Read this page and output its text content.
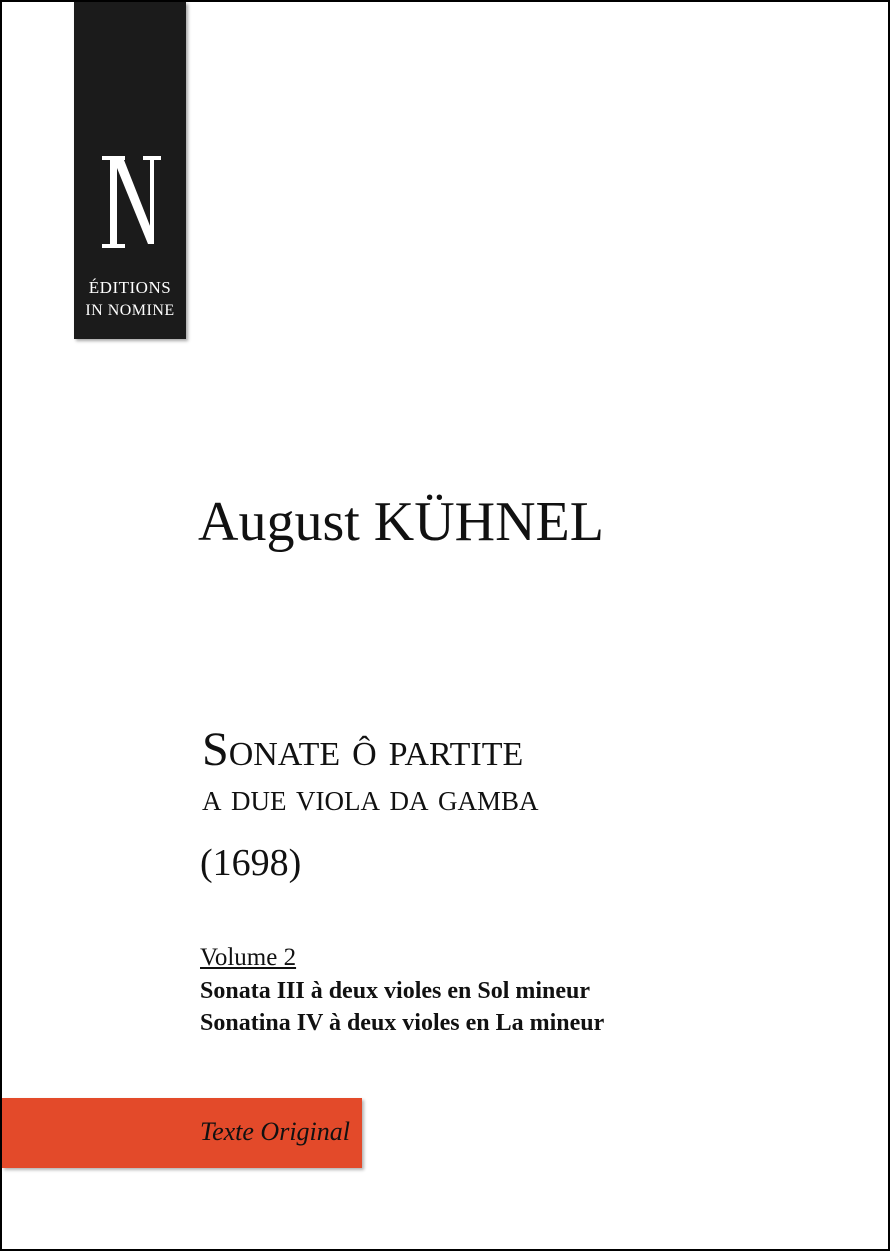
ÉDITIONS
IN NOMINE
August KÜHNEL
Sonate ô partite
a due viola da gamba
(1698)
Volume 2
Sonata III à deux violes en Sol mineur
Sonatina IV à deux violes en La mineur
Texte Original
